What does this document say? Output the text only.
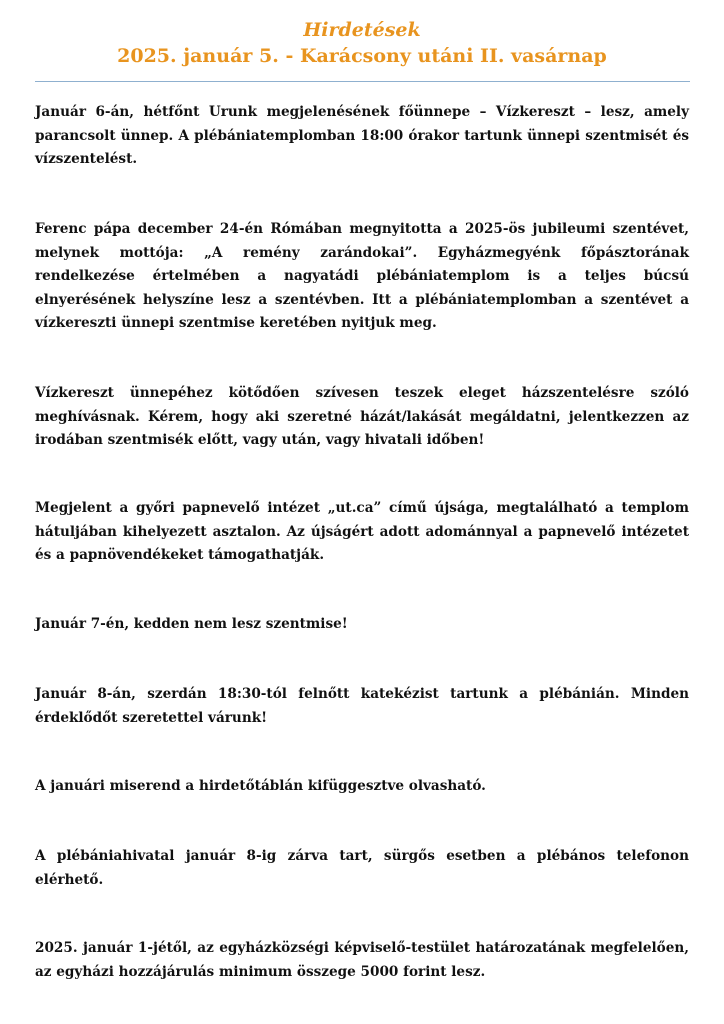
Hirdetések
2025. január 5. - Karácsony utáni II. vasárnap

Január 6-án, hétfőnt Urunk megjelenésének főünnepe – Vízkereszt – lesz, amely parancsolt ünnep. A plébániatemplomban 18:00 órakor tartunk ünnepi szentmisét és vízszentelést.

Ferenc pápa december 24-én Rómában megnyitotta a 2025-ös jubileumi szentévet, melynek mottója: „A remény zarándokai”. Egyházmegyénk főpásztorának rendelkezése értelmében a nagyatádi plébániatemplom is a teljes búcsú elnyerésének helyszíne lesz a szentévben. Itt a plébániatemplomban a szentévet a vízkereszti ünnepi szentmise keretében nyitjuk meg.

Vízkereszt ünnepéhez kötődően szívesen teszek eleget házszentelésre szóló meghívásnak. Kérem, hogy aki szeretné házát/lakását megáldatni, jelentkezzen az irodában szentmisék előtt, vagy után, vagy hivatali időben!

Megjelent a győri papnevelő intézet „ut.ca” című újsága, megtalálható a templom hátuljában kihelyezett asztalon. Az újságért adott adománnyal a papnevelő intézetet és a papnövendékeket támogathatják.

Január 7-én, kedden nem lesz szentmise!

Január 8-án, szerdán 18:30-tól felnőtt katekézist tartunk a plébánián. Minden érdeklődőt szeretettel várunk!

A januári miserend a hirdetőtáblán kifüggesztve olvasható.

A plébániahivatal január 8-ig zárva tart, sürgős esetben a plébános telefonon elérhető.

2025. január 1-jétől, az egyházközségi képviselő-testület határozatának megfelelően, az egyházi hozzájárulás minimum összege 5000 forint lesz.
